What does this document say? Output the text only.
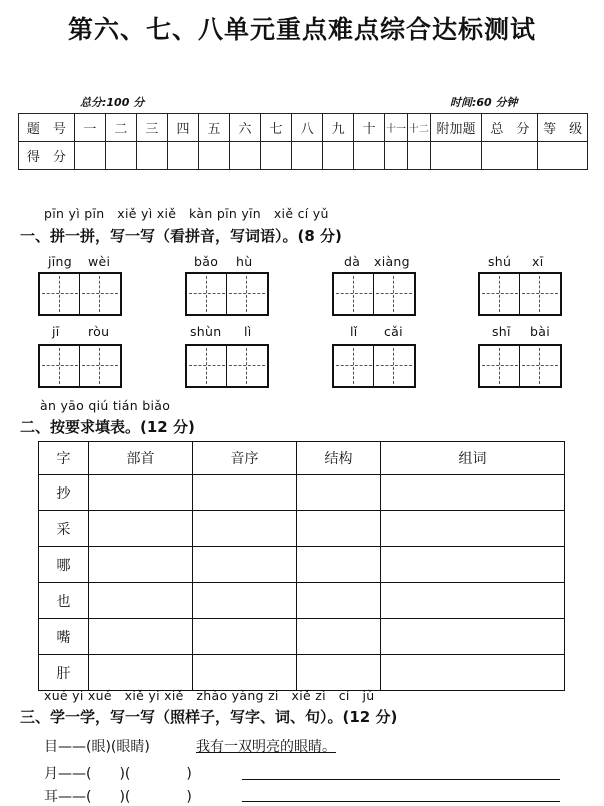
第六、七、八单元重点难点综合达标测试
总分:100 分	时间:60 分钟
题　号	一	二	三	四	五	六	七	八	九	十	十一	十二	附加题	总　分	等　级
得　分															
pīn yì pīn   xiě yì xiě   kàn pīn yīn   xiě cí yǔ
一、拼一拼，写一写（看拼音，写词语）。(8 分)
jīng wèi	bǎo hù	dà xiàng	shú xī
jī ròu	shùn lì	lǐ cǎi	shī bài
àn yāo qiú tián biǎo
二、按要求填表。(12 分)
字	部首	音序	结构	组词
抄				
采				
哪				
也				
嘴				
肝				
xué yi xué   xiě yi xiě   zhào yàng zi   xiě zì   cí   jù
三、学一学，写一写（照样子，写字、词、句）。(12 分)
目——(眼)(眼睛)	我有一双明亮的眼睛。
月——(　　)(　　　　)
耳——(　　)(　　　　)
